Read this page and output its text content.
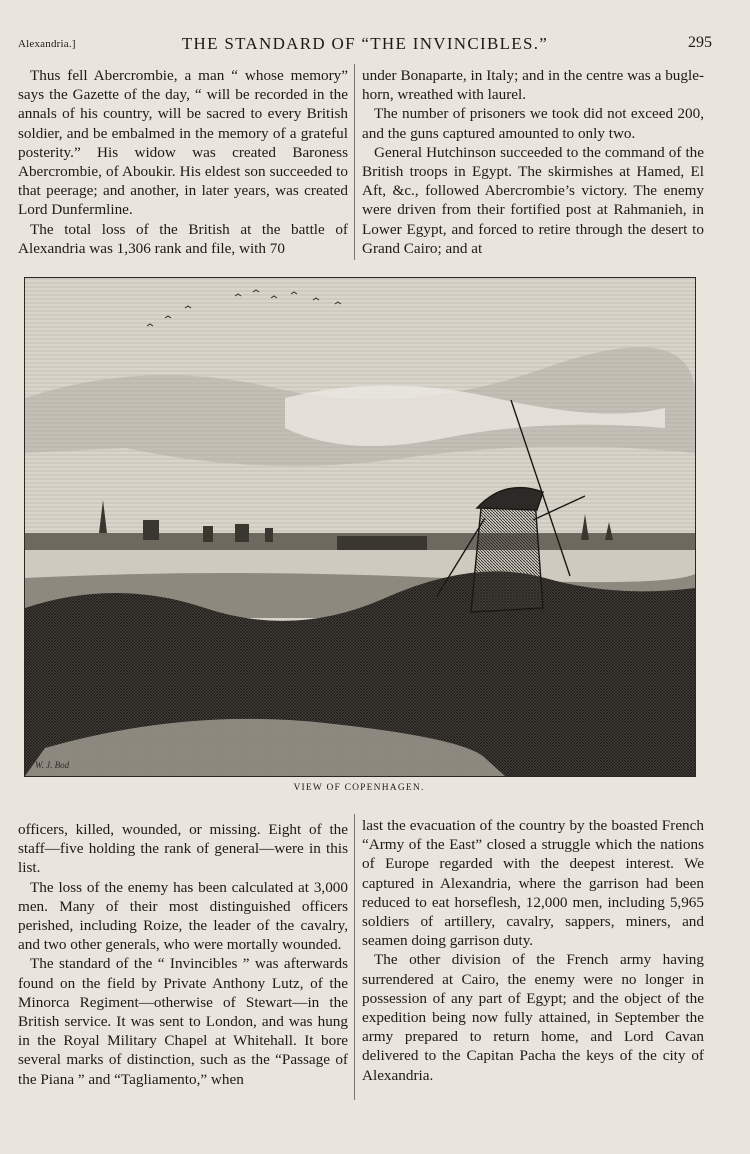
Alexandria.]	THE STANDARD OF “THE INVINCIBLES.”	295

Thus fell Abercrombie, a man “ whose memory” says the Gazette of the day, “ will be recorded in the annals of his country, will be sacred to every British soldier, and be embalmed in the memory of a grateful posterity.” His widow was created Baroness Abercrombie, of Aboukir. His eldest son succeeded to that peerage; and another, in later years, was created Lord Dunfermline.

The total loss of the British at the battle of Alexandria was 1,306 rank and file, with 70

under Bonaparte, in Italy; and in the centre was a bugle-horn, wreathed with laurel.

The number of prisoners we took did not exceed 200, and the guns captured amounted to only two.

General Hutchinson succeeded to the command of the British troops in Egypt. The skirmishes at Hamed, El Aft, &c., followed Abercrombie’s victory. The enemy were driven from their fortified post at Rahmanieh, in Lower Egypt, and forced to retire through the desert to Grand Cairo; and at

W. J. Bod
VIEW OF COPENHAGEN.

officers, killed, wounded, or missing. Eight of the staff—five holding the rank of general—were in this list.

The loss of the enemy has been calculated at 3,000 men. Many of their most distinguished officers perished, including Roize, the leader of the cavalry, and two other generals, who were mortally wounded.

The standard of the “ Invincibles ” was afterwards found on the field by Private Anthony Lutz, of the Minorca Regiment—otherwise of Stewart—in the British service. It was sent to London, and was hung in the Royal Military Chapel at Whitehall. It bore several marks of distinction, such as the “Passage of the Piana ” and “Tagliamento,” when

last the evacuation of the country by the boasted French “Army of the East” closed a struggle which the nations of Europe regarded with the deepest interest. We captured in Alexandria, where the garrison had been reduced to eat horseflesh, 12,000 men, including 5,965 soldiers of artillery, cavalry, sappers, miners, and seamen doing garrison duty.

The other division of the French army having surrendered at Cairo, the enemy were no longer in possession of any part of Egypt; and the object of the expedition being now fully attained, in September the army prepared to return home, and Lord Cavan delivered to the Capitan Pacha the keys of the city of Alexandria.
